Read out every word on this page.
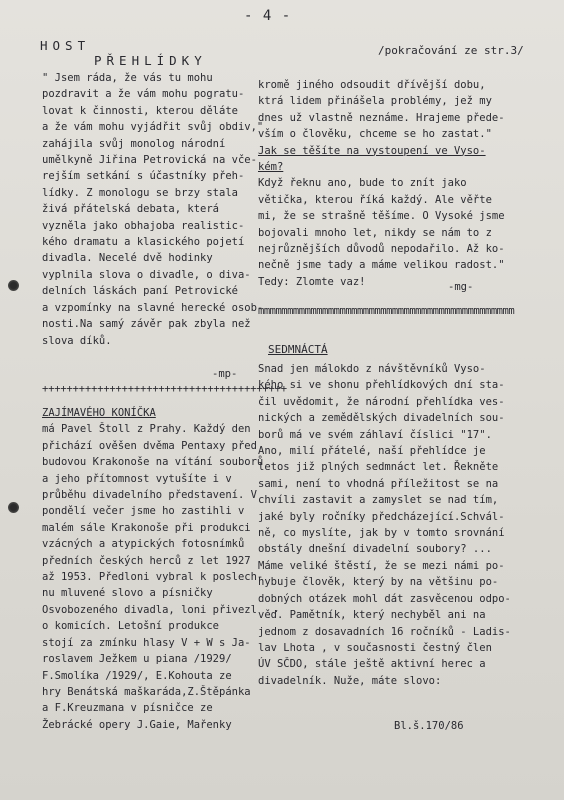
- 4 -
/pokračování ze str.3/
HOST
PŘEHLÍDKY
" Jsem ráda, že vás tu mohu
pozdravit a že vám mohu pogratu-
lovat k činnosti, kterou děláte
a že vám mohu vyjádřit svůj obdiv,"
zahájila svůj monolog národní
umělkyně Jiřina Petrovická na vče-
rejším setkání s účastníky přeh-
lídky. Z monologu se brzy stala
živá přátelská debata, která
vyzněla jako obhajoba realistic-
kého dramatu a klasického pojetí
divadla. Necelé dvě hodinky
vyplnila slova o divadle, o diva-
delních láskách paní Petrovické
a vzpomínky na slavné herecké osob-
nosti.Na samý závěr pak zbyla než
slova díků.
-mp-
++++++++++++++++++++++++++++++++++++++++
ZAJÍMAVÉHO KONÍČKA
má Pavel Štoll z Prahy. Každý den
přichází ověšen dvěma Pentaxy před
budovou Krakonoše na vítání souborů
a jeho přítomnost vytušíte i v
průběhu divadelního představení. V
pondělí večer jsme ho zastihli v
malém sále Krakonoše při produkci
vzácných a atypických fotosnímků
předních českých herců z let 1927
až 1953. Předloni vybral k poslech-
nu mluvené slovo a písničky
Osvobozeného divadla, loni přivezl
o komicích. Letošní produkce
stojí za zmínku hlasy V + W s Ja-
roslavem Ježkem u piana /1929/
F.Smolíka /1929/, E.Kohouta ze
hry Benátská maškaráda,Z.Štěpánka
a F.Kreuzmana v písničce ze
Žebrácké opery J.Gaie, Mařenky
kromě jiného odsoudit dřívější dobu,
ktrá lidem přinášela problémy, jež my
dnes už vlastně neznáme. Hrajeme přede-
vším o člověku, chceme se ho zastat."
Jak se těšíte na vystoupení ve Vyso-
kém?
Když řeknu ano, bude to znít jako
větička, kterou říká každý. Ale věřte
mi, že se strašně těšíme. O Vysoké jsme
bojovali mnoho let, nikdy se nám to z
nejrůznějších důvodů nepodařilo. Až ko-
nečně jsme tady a máme velikou radost."
Tedy: Zlomte vaz!	-mg-
mmmmmmmmmmmmmmmmmmmmmmmmmmmmmmmmmmmmmmmmmmmm
SEDMNÁCTÁ
Snad jen málokdo z návštěvníků Vyso-
kého si ve shonu přehlídkových dní sta-
čil uvědomit, že národní přehlídka ves-
nických a zemědělských divadelních sou-
borů má ve svém záhlaví číslici "17".
Ano, milí přátelé, naší přehlídce je
letos již plných sedmnáct let. Řekněte
sami, není to vhodná příležitost se na
chvíli zastavit a zamyslet se nad tím,
jaké byly ročníky předcházející.Schvál-
ně, co myslíte, jak by v tomto srovnání
obstály dnešní divadelní soubory? ...
Máme veliké štěstí, že se mezi námi po-
hybuje člověk, který by na většinu po-
dobných otázek mohl dát zasvěcenou odpo-
věď. Pamětník, který nechyběl ani na
jednom z dosavadních 16 ročníků - Ladis-
lav Lhota , v současnosti čestný člen
ÚV SČDO, stále ještě aktivní herec a
divadelník. Nuže, máte slovo:
Bl.š.170/86
